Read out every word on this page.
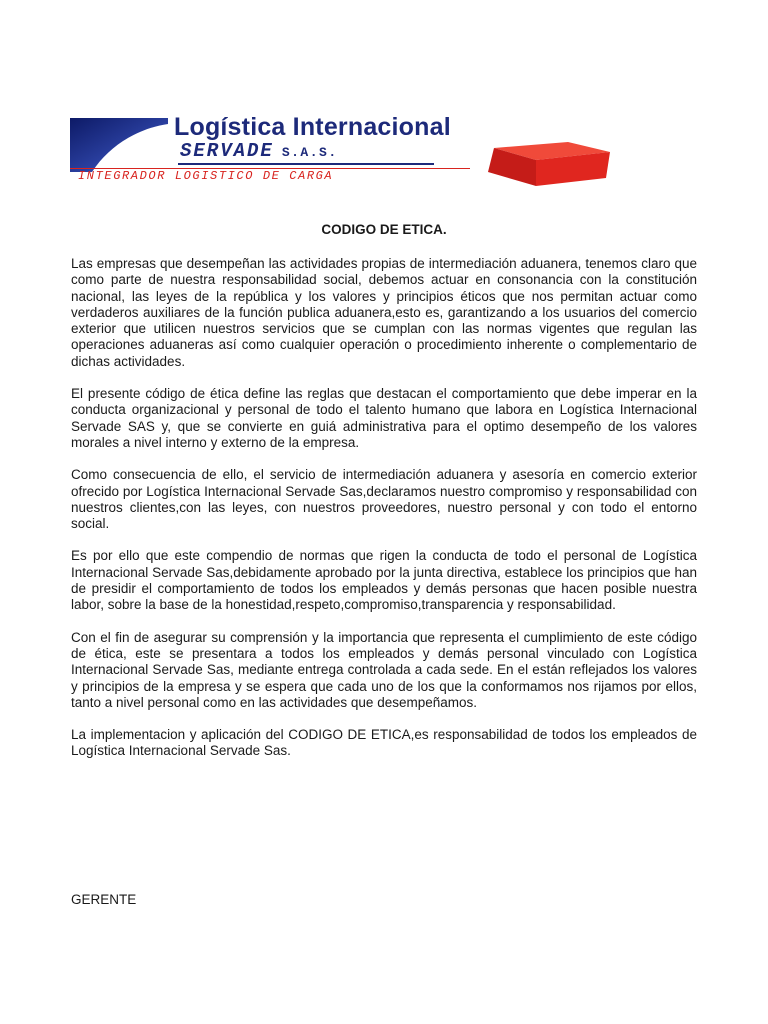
Logística Internacional
SERVADE S.A.S.
INTEGRADOR LOGISTICO DE CARGA
CODIGO DE ETICA.

Las empresas que desempeñan las actividades propias de intermediación aduanera, tenemos claro que como parte de nuestra responsabilidad social, debemos actuar en consonancia con la constitución nacional, las leyes de la república y los valores y principios éticos que nos permitan actuar como verdaderos auxiliares de la función publica aduanera,esto es, garantizando a los usuarios del comercio exterior que utilicen nuestros servicios que se cumplan con las normas vigentes que regulan las operaciones aduaneras así como cualquier operación o procedimiento inherente o complementario de dichas actividades.

El presente código de ética define las reglas que destacan el comportamiento que debe imperar en la conducta organizacional y personal de todo el talento humano que labora en Logística Internacional Servade SAS y, que se convierte en guiá administrativa para el optimo desempeño de los valores morales a nivel interno y externo de la empresa.

Como consecuencia de ello, el servicio de intermediación aduanera y asesoría en comercio exterior ofrecido por Logística Internacional Servade Sas,declaramos nuestro compromiso y responsabilidad con nuestros clientes,con las leyes, con nuestros proveedores, nuestro personal y con todo el entorno social.

Es por ello que este compendio de normas que rigen la conducta de todo el personal de Logística Internacional Servade Sas,debidamente aprobado por la junta directiva, establece los principios que han de presidir el comportamiento de todos los empleados y demás personas que hacen posible nuestra labor, sobre la base de la honestidad,respeto,compromiso,transparencia y responsabilidad.

Con el fin de asegurar su comprensión y la importancia que representa el cumplimiento de este código de ética, este se presentara a todos los empleados y demás personal vinculado con Logística Internacional Servade Sas, mediante entrega controlada a cada sede. En el están reflejados los valores y principios de la empresa y se espera que cada uno de los que la conformamos nos rijamos por ellos, tanto a nivel personal como en las actividades que desempeñamos.

La implementacion y aplicación del CODIGO DE ETICA,es responsabilidad de todos los empleados de Logística Internacional Servade Sas.

GERENTE
